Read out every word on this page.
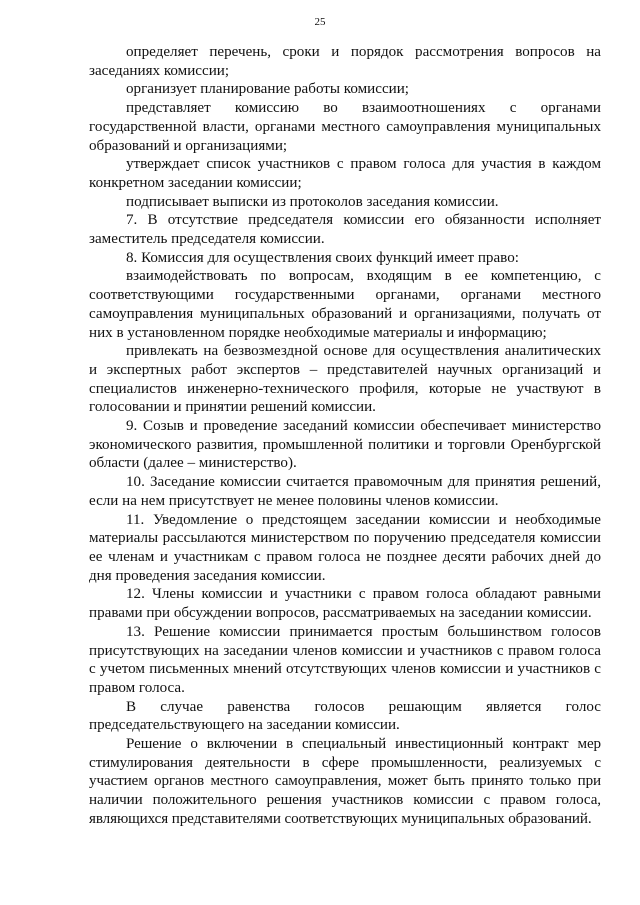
25

определяет перечень, сроки и порядок рассмотрения вопросов на заседаниях комиссии;

организует планирование работы комиссии;

представляет комиссию во взаимоотношениях с органами государственной власти, органами местного самоуправления муниципальных образований и организациями;

утверждает список участников с правом голоса для участия в каждом конкретном заседании комиссии;

подписывает выписки из протоколов заседания комиссии.

7. В отсутствие председателя комиссии его обязанности исполняет заместитель председателя комиссии.

8. Комиссия для осуществления своих функций имеет право:

взаимодействовать по вопросам, входящим в ее компетенцию, с соответствующими государственными органами, органами местного самоуправления муниципальных образований и организациями, получать от них в установленном порядке необходимые материалы и информацию;

привлекать на безвозмездной основе для осуществления аналитических и экспертных работ экспертов – представителей научных организаций и специалистов инженерно-технического профиля, которые не участвуют в голосовании и принятии решений комиссии.

9. Созыв и проведение заседаний комиссии обеспечивает министерство экономического развития, промышленной политики и торговли Оренбургской области (далее – министерство).

10. Заседание комиссии считается правомочным для принятия решений, если на нем присутствует не менее половины членов комиссии.

11. Уведомление о предстоящем заседании комиссии и необходимые материалы рассылаются министерством по поручению председателя комиссии ее членам и участникам с правом голоса не позднее десяти рабочих дней до дня проведения заседания комиссии.

12. Члены комиссии и участники с правом голоса обладают равными правами при обсуждении вопросов, рассматриваемых на заседании комиссии.

13. Решение комиссии принимается простым большинством голосов присутствующих на заседании членов комиссии и участников с правом голоса с учетом письменных мнений отсутствующих членов комиссии и участников с правом голоса.

В случае равенства голосов решающим является голос председательствующего на заседании комиссии.

Решение о включении в специальный инвестиционный контракт мер стимулирования деятельности в сфере промышленности, реализуемых с участием органов местного самоуправления, может быть принято только при наличии положительного решения участников комиссии с правом голоса, являющихся представителями соответствующих муниципальных образований.
